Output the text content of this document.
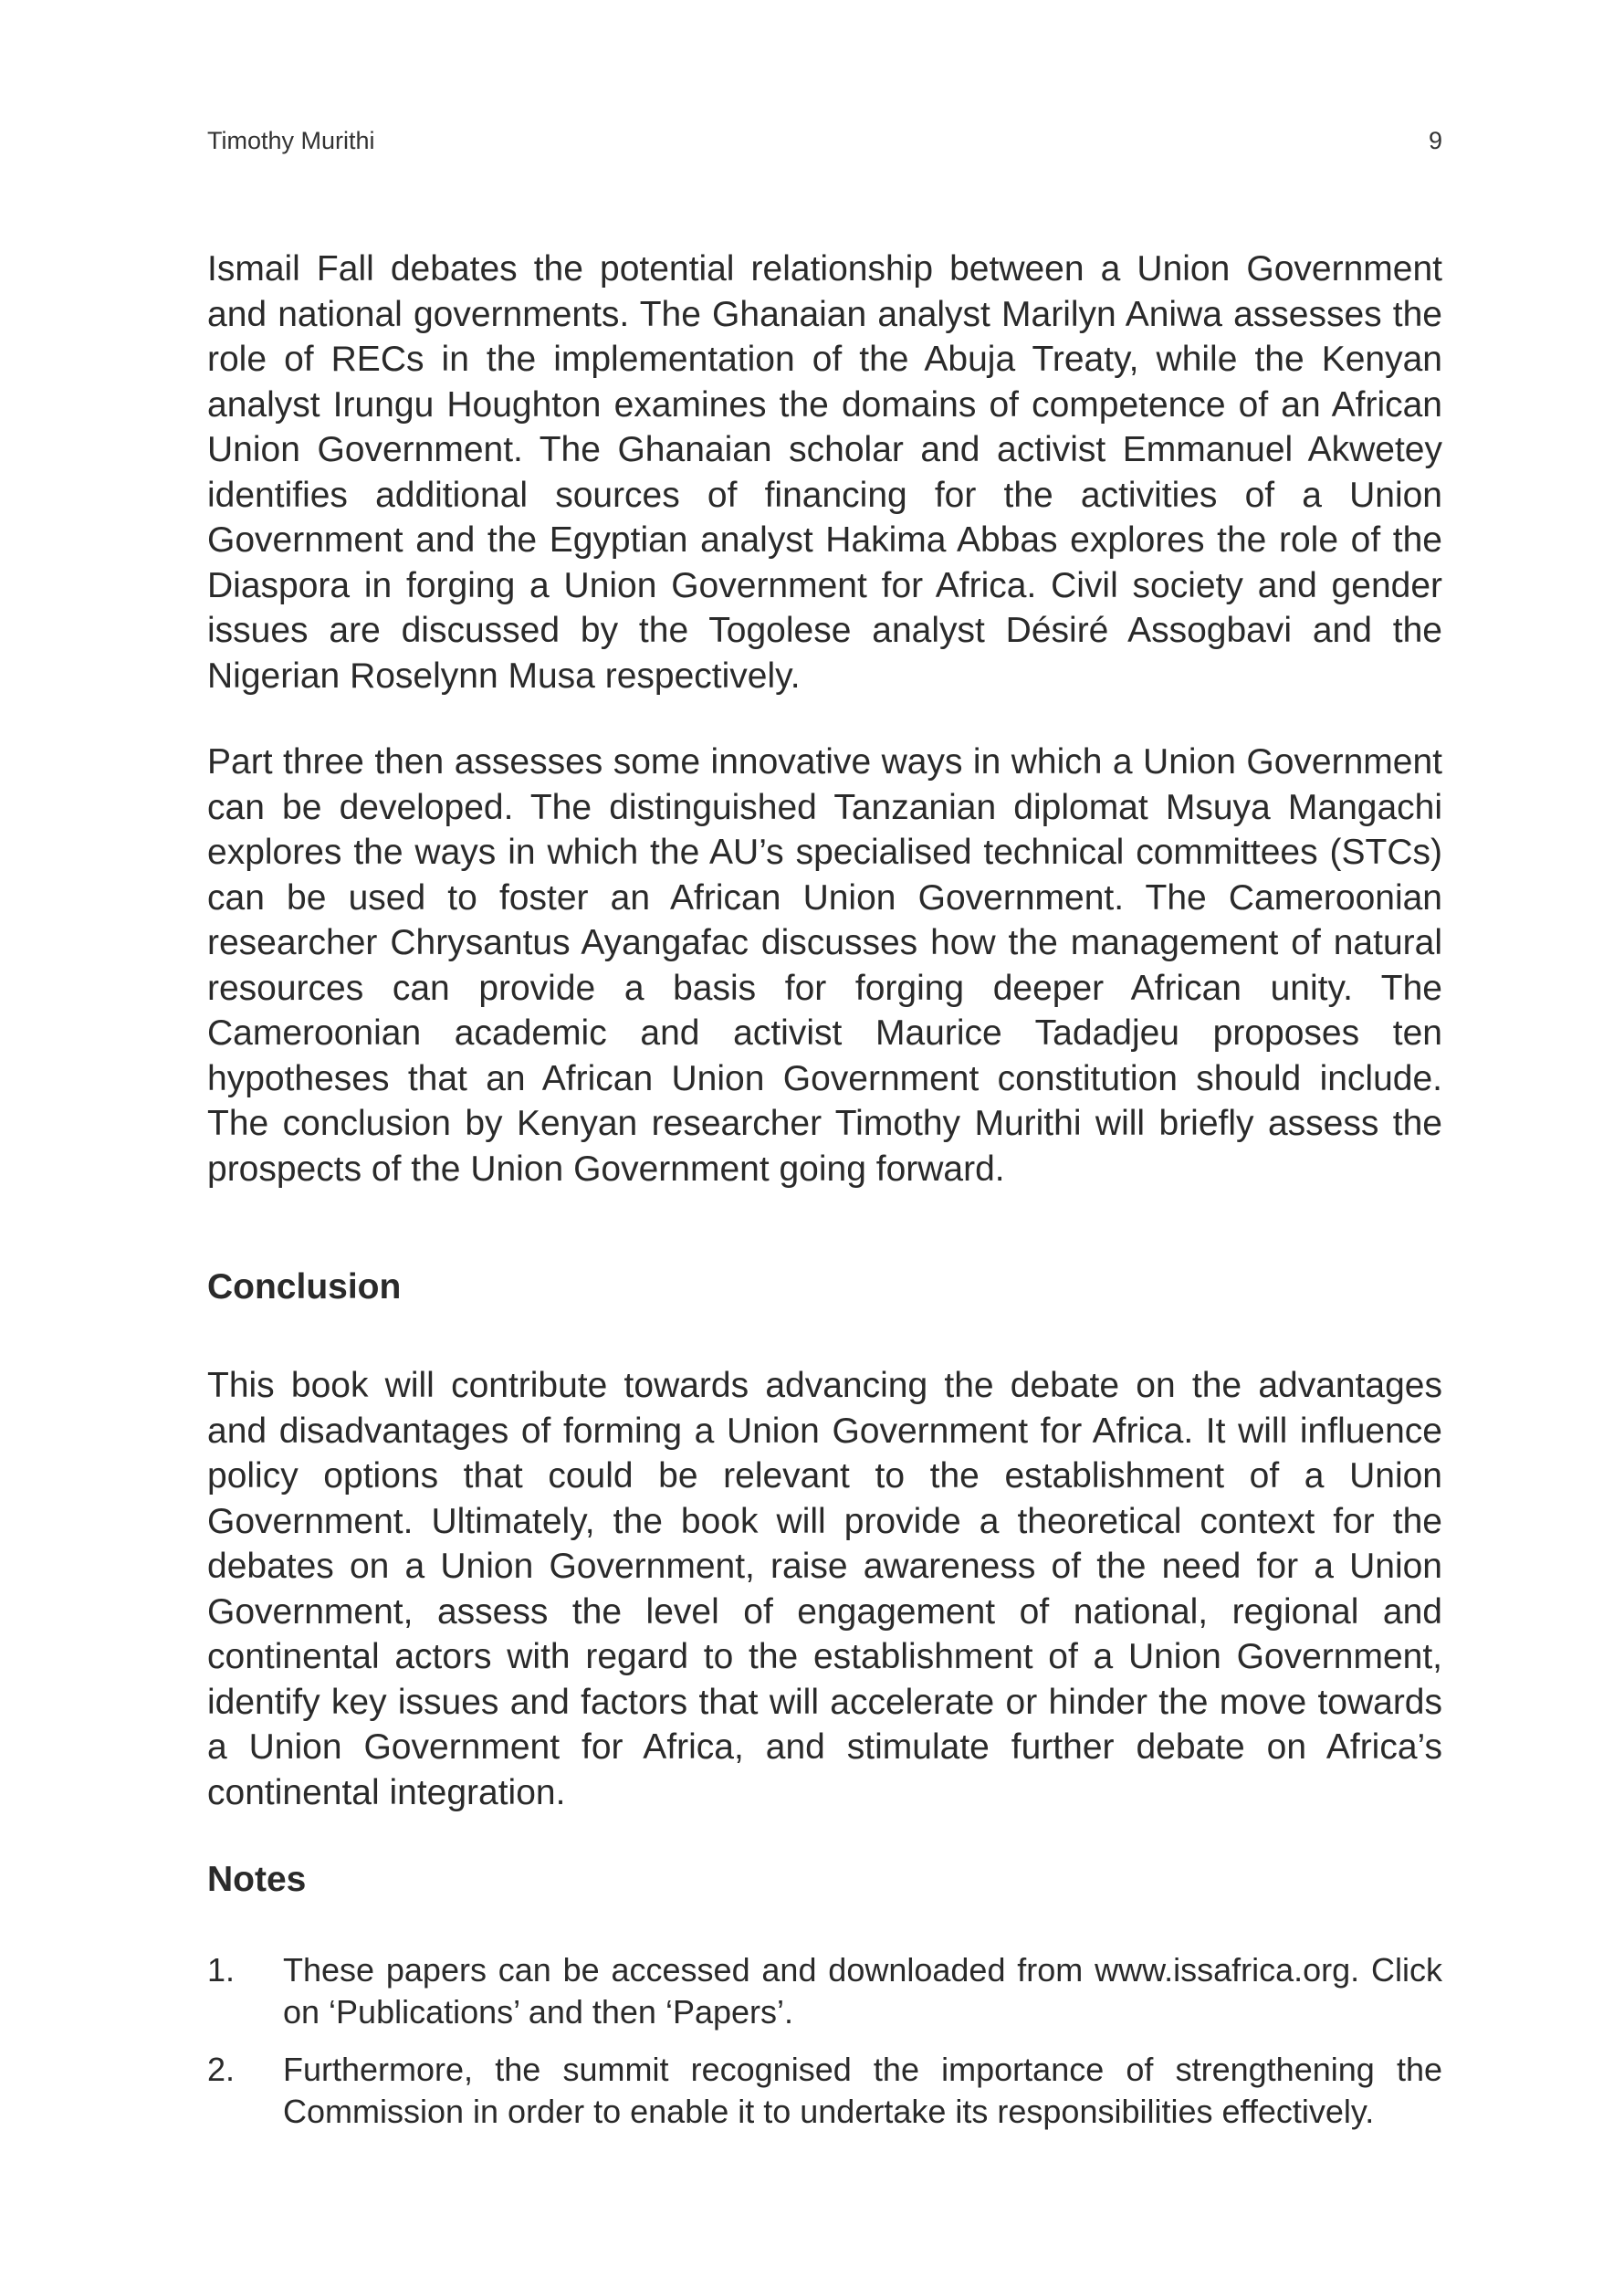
Timothy Murithi	9

Ismail Fall debates the potential relationship between a Union Government and national governments. The Ghanaian analyst Marilyn Aniwa assesses the role of RECs in the implementation of the Abuja Treaty, while the Kenyan analyst Irungu Houghton examines the domains of competence of an African Union Government. The Ghanaian scholar and activist Emmanuel Akwetey identifies additional sources of financing for the activities of a Union Government and the Egyptian analyst Hakima Abbas explores the role of the Diaspora in forging a Union Government for Africa. Civil society and gender issues are discussed by the Togolese analyst Désiré Assogbavi and the Nigerian Roselynn Musa respectively.

Part three then assesses some innovative ways in which a Union Government can be developed. The distinguished Tanzanian diplomat Msuya Mangachi explores the ways in which the AU’s specialised technical committees (STCs) can be used to foster an African Union Government. The Cameroonian researcher Chrysantus Ayangafac discusses how the management of natural resources can provide a basis for forging deeper African unity. The Cameroonian academic and activist Maurice Tadadjeu proposes ten hypotheses that an African Union Government constitution should include. The conclusion by Kenyan researcher Timothy Murithi will briefly assess the prospects of the Union Government going forward.

Conclusion

This book will contribute towards advancing the debate on the advantages and disadvantages of forming a Union Government for Africa. It will influence policy options that could be relevant to the establishment of a Union Government. Ultimately, the book will provide a theoretical context for the debates on a Union Government, raise awareness of the need for a Union Government, assess the level of engagement of national, regional and continental actors with regard to the establishment of a Union Government, identify key issues and factors that will accelerate or hinder the move towards a Union Government for Africa, and stimulate further debate on Africa’s continental integration.

Notes
1. These papers can be accessed and downloaded from www.issafrica.org. Click on ‘Publications’ and then ‘Papers’.
2. Furthermore, the summit recognised the importance of strengthening the Commission in order to enable it to undertake its responsibilities effectively.
